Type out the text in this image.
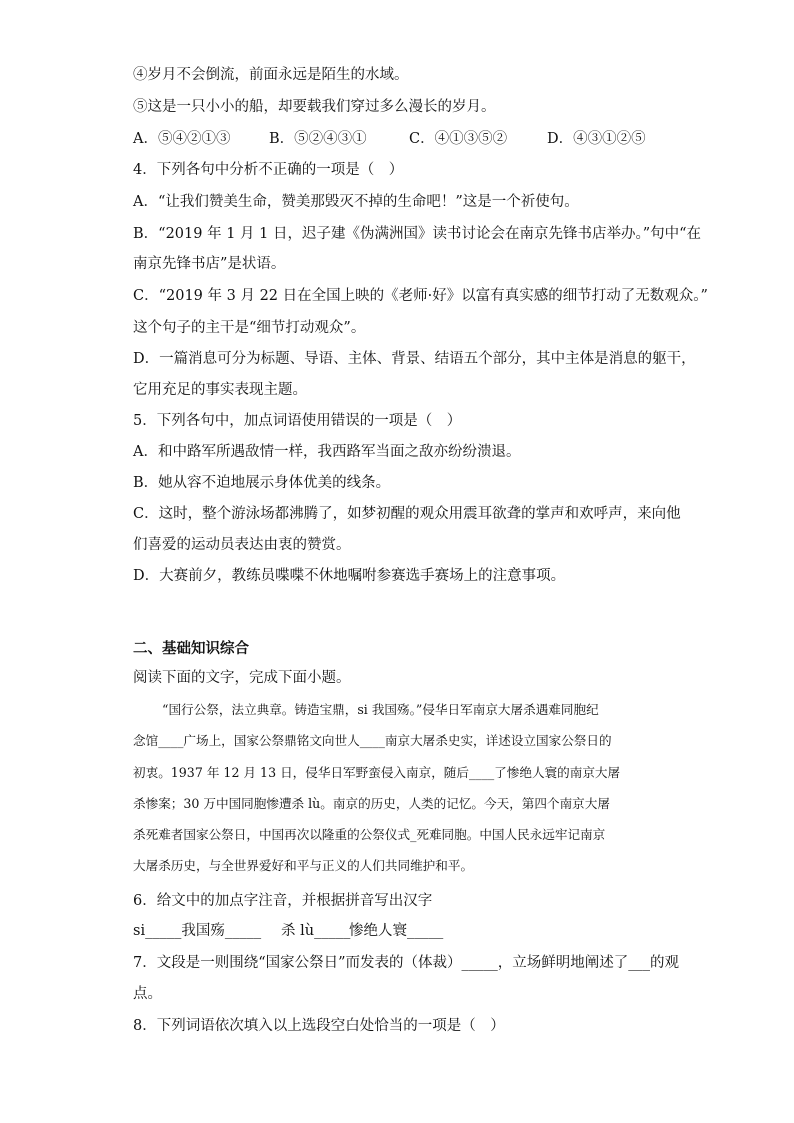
④岁月不会倒流，前面永远是陌生的水域。
⑤这是一只小小的船，却要载我们穿过多么漫长的岁月。
A．⑤④②①③	B．⑤②④③①	C．④①③⑤②	D．④③①②⑤
4．下列各句中分析不正确的一项是（　）
A．“让我们赞美生命，赞美那毁灭不掉的生命吧！”这是一个祈使句。
B．“2019 年 1 月 1 日，迟子建《伪满洲国》读书讨论会在南京先锋书店举办。”句中“在
南京先锋书店”是状语。
C．“2019 年 3 月 22 日在全国上映的《老师·好》以富有真实感的细节打动了无数观众。”
这个句子的主干是“细节打动观众”。
D．一篇消息可分为标题、导语、主体、背景、结语五个部分，其中主体是消息的躯干，
它用充足的事实表现主题。
5．下列各句中，加点词语使用错误的一项是（　）
A．和中路军所遇敌情一样，我西路军当面之敌亦纷纷溃退。
B．她从容不迫地展示身体优美的线条。
C．这时，整个游泳场都沸腾了，如梦初醒的观众用震耳欲聋的掌声和欢呼声，来向他
们喜爱的运动员表达由衷的赞赏。
D．大赛前夕，教练员喋喋不休地嘱咐参赛选手赛场上的注意事项。
二、基础知识综合
阅读下面的文字，完成下面小题。

“国行公祭，法立典章。铸造宝鼎，si 我国殇。”侵华日军南京大屠杀遇难同胞纪

念馆____广场上，国家公祭鼎铭文向世人____南京大屠杀史实，详述设立国家公祭日的

初衷。1937 年 12 月 13 日，侵华日军野蛮侵入南京，随后____了惨绝人寰的南京大屠

杀惨案；30 万中国同胞惨遭杀 lù。南京的历史，人类的记忆。今天，第四个南京大屠

杀死难者国家公祭日，中国再次以隆重的公祭仪式_死难同胞。中国人民永远牢记南京

大屠杀历史，与全世界爱好和平与正义的人们共同维护和平。

6．给文中的加点字注音，并根据拼音写出汉字
si_____我国殇_____ 杀 lù_____
惨绝人寰_____
7．文段是一则围绕“国家公祭日”而发表的（体裁）_____，立场鲜明地阐述了___的观
点。
8．下列词语依次填入以上选段空白处恰当的一项是（　）
